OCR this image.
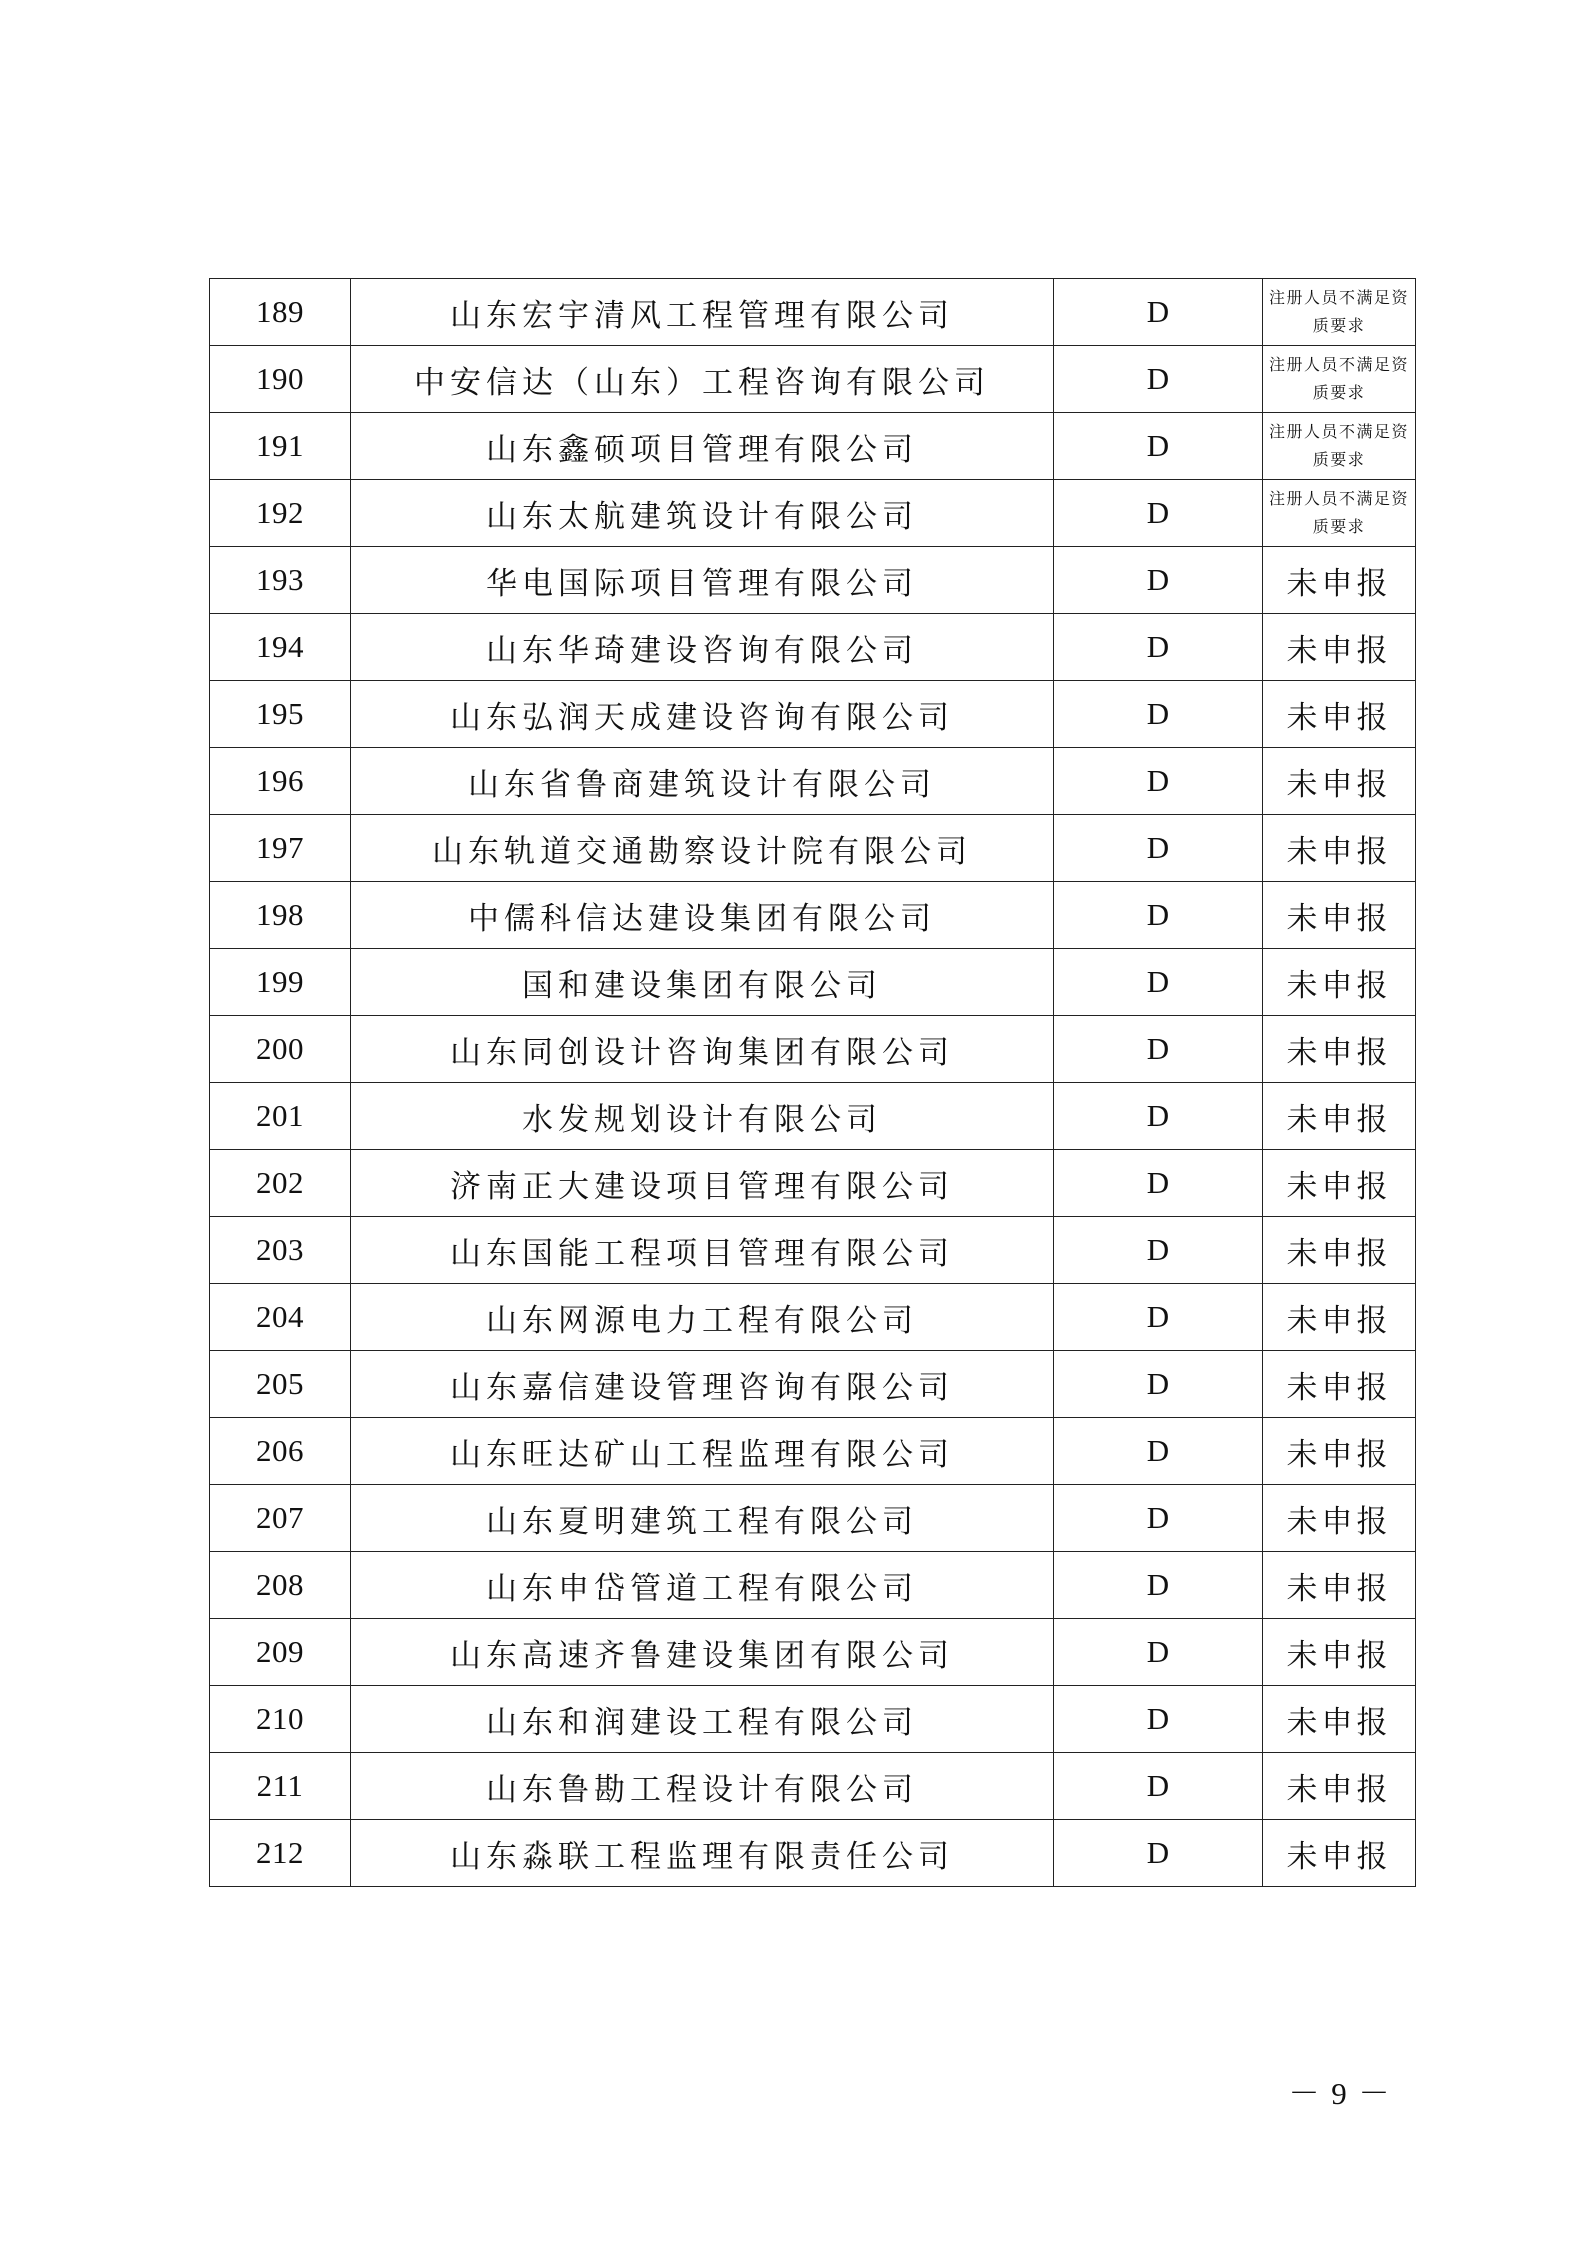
189	山东宏宇清风工程管理有限公司	D	注册人员不满足资质要求
190	中安信达（山东）工程咨询有限公司	D	注册人员不满足资质要求
191	山东鑫硕项目管理有限公司	D	注册人员不满足资质要求
192	山东太航建筑设计有限公司	D	注册人员不满足资质要求
193	华电国际项目管理有限公司	D	未申报
194	山东华琦建设咨询有限公司	D	未申报
195	山东弘润天成建设咨询有限公司	D	未申报
196	山东省鲁商建筑设计有限公司	D	未申报
197	山东轨道交通勘察设计院有限公司	D	未申报
198	中儒科信达建设集团有限公司	D	未申报
199	国和建设集团有限公司	D	未申报
200	山东同创设计咨询集团有限公司	D	未申报
201	水发规划设计有限公司	D	未申报
202	济南正大建设项目管理有限公司	D	未申报
203	山东国能工程项目管理有限公司	D	未申报
204	山东网源电力工程有限公司	D	未申报
205	山东嘉信建设管理咨询有限公司	D	未申报
206	山东旺达矿山工程监理有限公司	D	未申报
207	山东夏明建筑工程有限公司	D	未申报
208	山东申岱管道工程有限公司	D	未申报
209	山东高速齐鲁建设集团有限公司	D	未申报
210	山东和润建设工程有限公司	D	未申报
211	山东鲁勘工程设计有限公司	D	未申报
212	山东淼联工程监理有限责任公司	D	未申报
－ 9 －
